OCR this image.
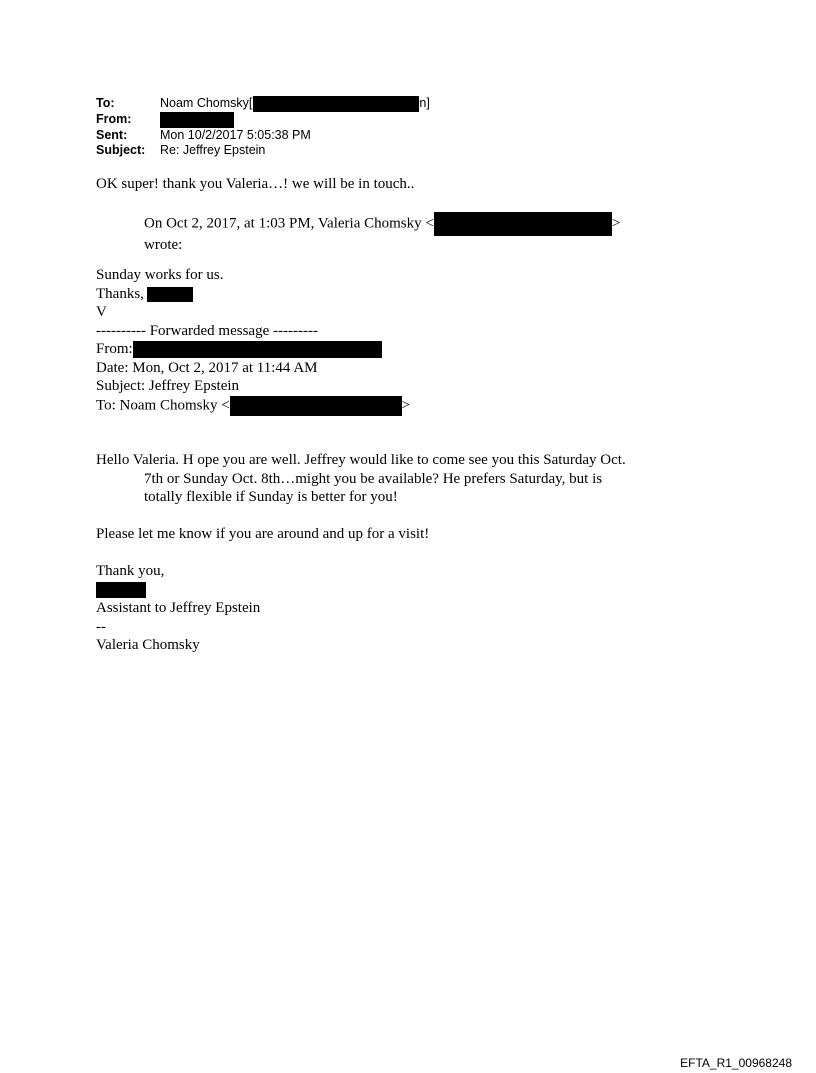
To:	Noam Chomsky[	n]
From:
Sent:	Mon 10/2/2017 5:05:38 PM
Subject:	Re: Jeffrey Epstein
OK super! thank you Valeria…! we will be in touch..
On Oct 2, 2017, at 1:03 PM, Valeria Chomsky <	>
wrote:
Sunday works for us.
Thanks,
V
---------- Forwarded message ---------
From:
Date: Mon, Oct 2, 2017 at 11:44 AM
Subject: Jeffrey Epstein
To: Noam Chomsky <	>
Hello Valeria. H ope you are well. Jeffrey would like to come see you this Saturday Oct.
7th or Sunday Oct. 8th…might you be available? He prefers Saturday, but is
totally flexible if Sunday is better for you!
Please let me know if you are around and up for a visit!
Thank you,
Assistant to Jeffrey Epstein
--
Valeria Chomsky
EFTA_R1_00968248
